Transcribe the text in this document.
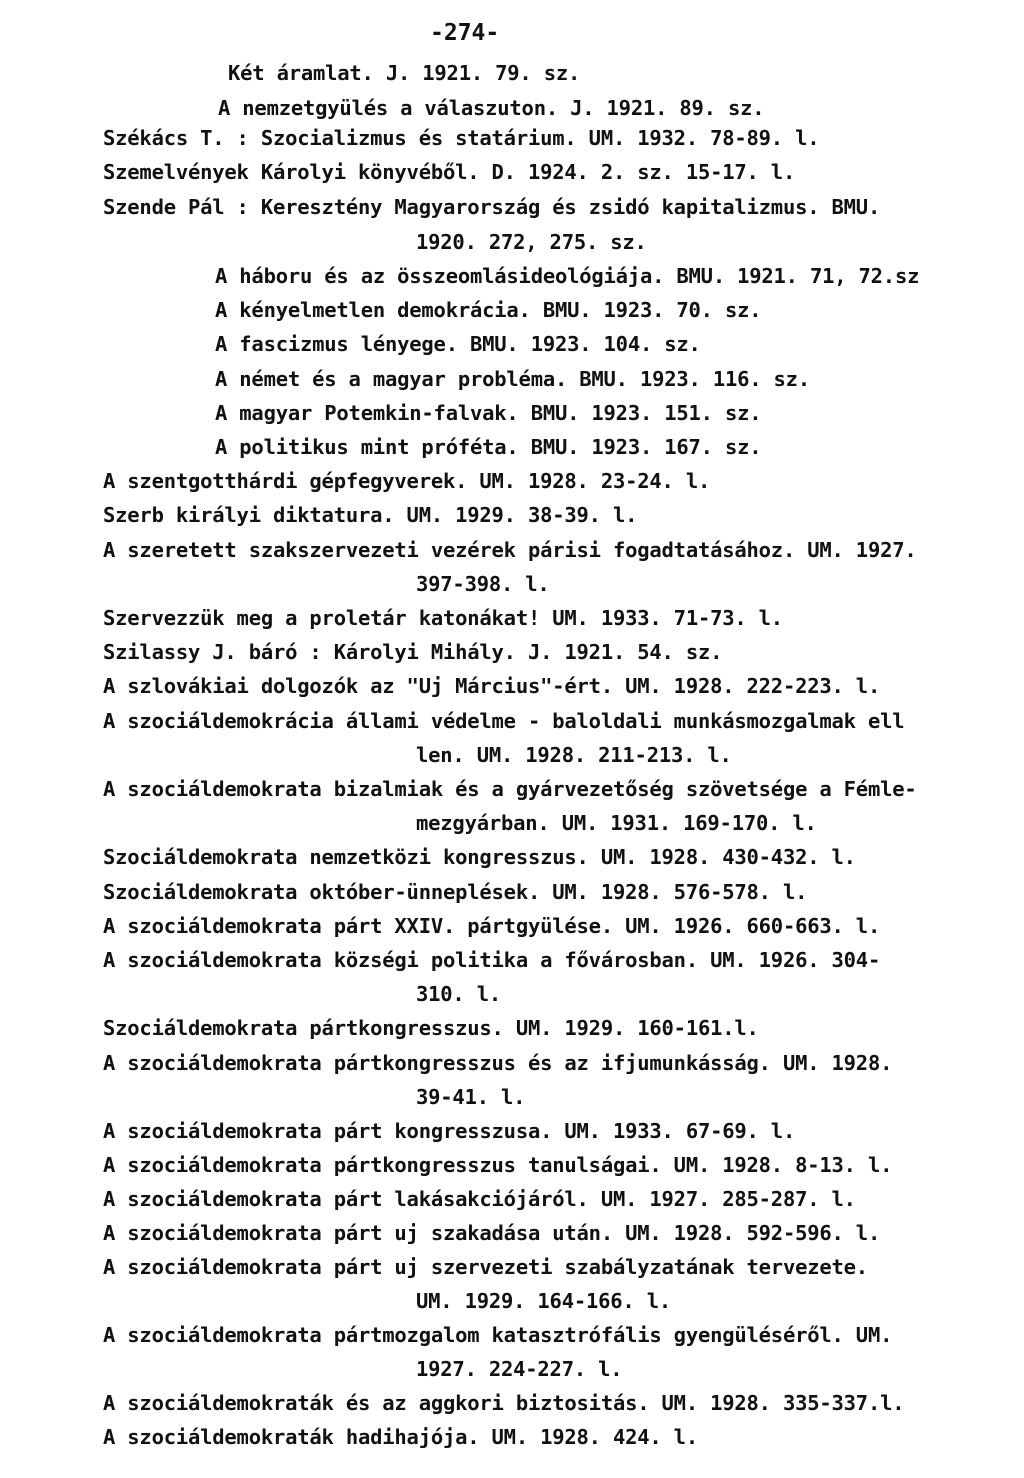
-274-
Két áramlat. J. 1921. 79. sz.
A nemzetgyülés a válaszuton. J. 1921. 89. sz.
Székács T. : Szocializmus és statárium. UM. 1932. 78-89. l.
Szemelvények Károlyi könyvéből. D. 1924. 2. sz. 15-17. l.
Szende Pál : Keresztény Magyarország és zsidó kapitalizmus. BMU.
1920. 272, 275. sz.
A háboru és az összeomlásideológiája. BMU. 1921. 71, 72.sz
A kényelmetlen demokrácia. BMU. 1923. 70. sz.
A fascizmus lényege. BMU. 1923. 104. sz.
A német és a magyar probléma. BMU. 1923. 116. sz.
A magyar Potemkin-falvak. BMU. 1923. 151. sz.
A politikus mint próféta. BMU. 1923. 167. sz.
A szentgotthárdi gépfegyverek. UM. 1928. 23-24. l.
Szerb királyi diktatura. UM. 1929. 38-39. l.
A szeretett szakszervezeti vezérek párisi fogadtatásához. UM. 1927.
397-398. l.
Szervezzük meg a proletár katonákat! UM. 1933. 71-73. l.
Szilassy J. báró : Károlyi Mihály. J. 1921. 54. sz.
A szlovákiai dolgozók az "Uj Március"-ért. UM. 1928. 222-223. l.
A szociáldemokrácia állami védelme - baloldali munkásmozgalmak ell
len. UM. 1928. 211-213. l.
A szociáldemokrata bizalmiak és a gyárvezetőség szövetsége a Fémle-
mezgyárban. UM. 1931. 169-170. l.
Szociáldemokrata nemzetközi kongresszus. UM. 1928. 430-432. l.
Szociáldemokrata október-ünneplések. UM. 1928. 576-578. l.
A szociáldemokrata párt XXIV. pártgyülése. UM. 1926. 660-663. l.
A szociáldemokrata községi politika a fővárosban. UM. 1926. 304-
310. l.
Szociáldemokrata pártkongresszus. UM. 1929. 160-161.l.
A szociáldemokrata pártkongresszus és az ifjumunkásság. UM. 1928.
39-41. l.
A szociáldemokrata párt kongresszusa. UM. 1933. 67-69. l.
A szociáldemokrata pártkongresszus tanulságai. UM. 1928. 8-13. l.
A szociáldemokrata párt lakásakciójáról. UM. 1927. 285-287. l.
A szociáldemokrata párt uj szakadása után. UM. 1928. 592-596. l.
A szociáldemokrata párt uj szervezeti szabályzatának tervezete.
UM. 1929. 164-166. l.
A szociáldemokrata pártmozgalom katasztrófális gyengüléséről. UM.
1927. 224-227. l.
A szociáldemokraták és az aggkori biztositás. UM. 1928. 335-337.l.
A szociáldemokraták hadihajója. UM. 1928. 424. l.
